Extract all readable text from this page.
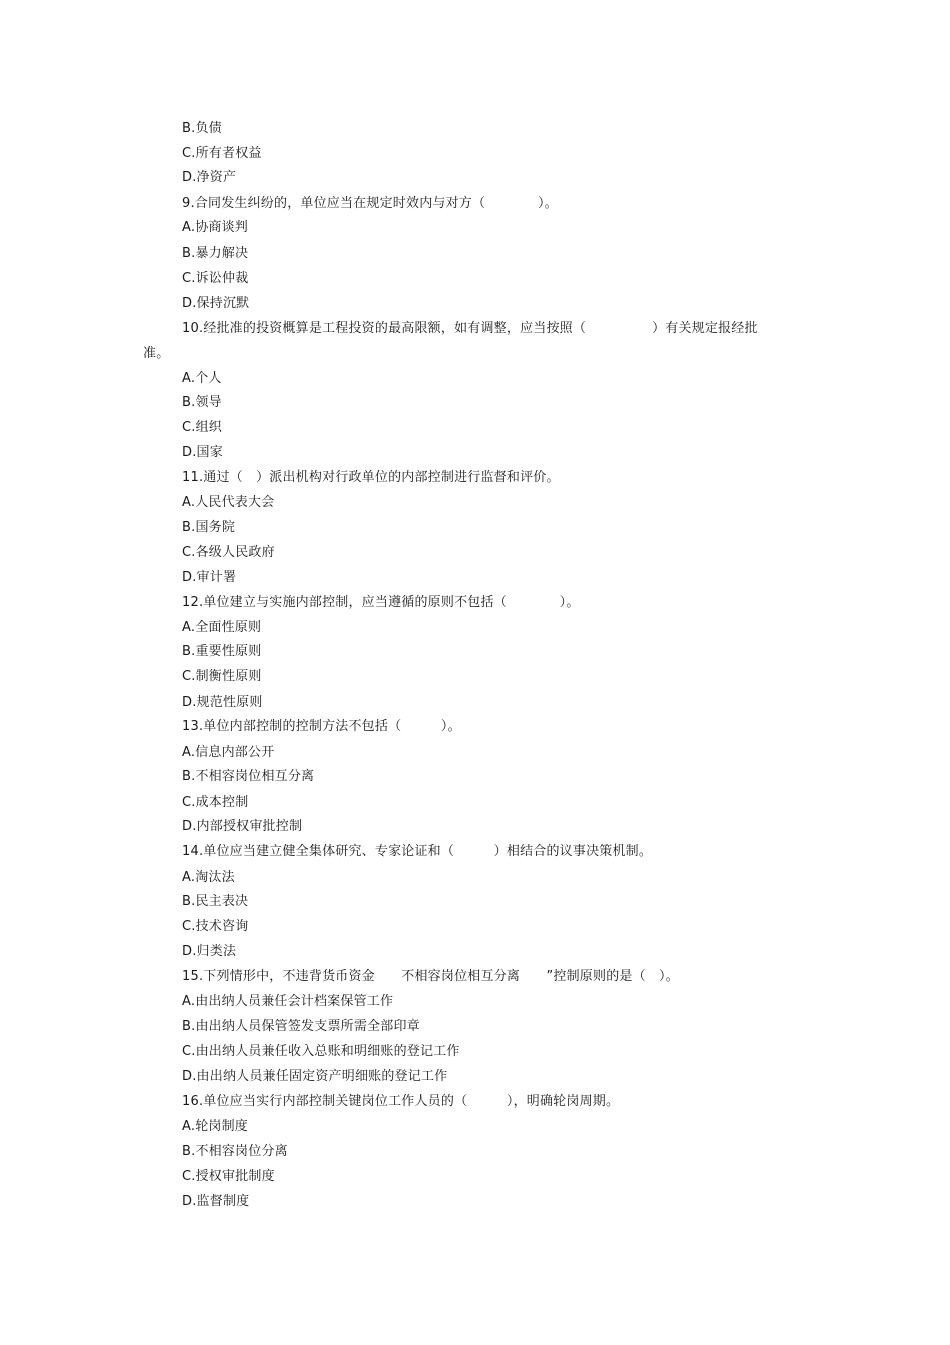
B.负债
C.所有者权益
D.净资产
9.合同发生纠纷的，单位应当在规定时效内与对方（　　　　）。
A.协商谈判
B.暴力解决
C.诉讼仲裁
D.保持沉默
10.经批准的投资概算是工程投资的最高限额，如有调整，应当按照（　　　　　）有关规定报经批
准。
A.个人
B.领导
C.组织
D.国家
11.通过（　）派出机构对行政单位的内部控制进行监督和评价。
A.人民代表大会
B.国务院
C.各级人民政府
D.审计署
12.单位建立与实施内部控制，应当遵循的原则不包括（　　　　）。
A.全面性原则
B.重要性原则
C.制衡性原则
D.规范性原则
13.单位内部控制的控制方法不包括（　　　）。
A.信息内部公开
B.不相容岗位相互分离
C.成本控制
D.内部授权审批控制
14.单位应当建立健全集体研究、专家论证和（　　　）相结合的议事决策机制。
A.淘汰法
B.民主表决
C.技术咨询
D.归类法
15.下列情形中，不违背货币资金　　不相容岗位相互分离　　”控制原则的是（　）。
A.由出纳人员兼任会计档案保管工作
B.由出纳人员保管签发支票所需全部印章
C.由出纳人员兼任收入总账和明细账的登记工作
D.由出纳人员兼任固定资产明细账的登记工作
16.单位应当实行内部控制关键岗位工作人员的（　　　），明确轮岗周期。
A.轮岗制度
B.不相容岗位分离
C.授权审批制度
D.监督制度
